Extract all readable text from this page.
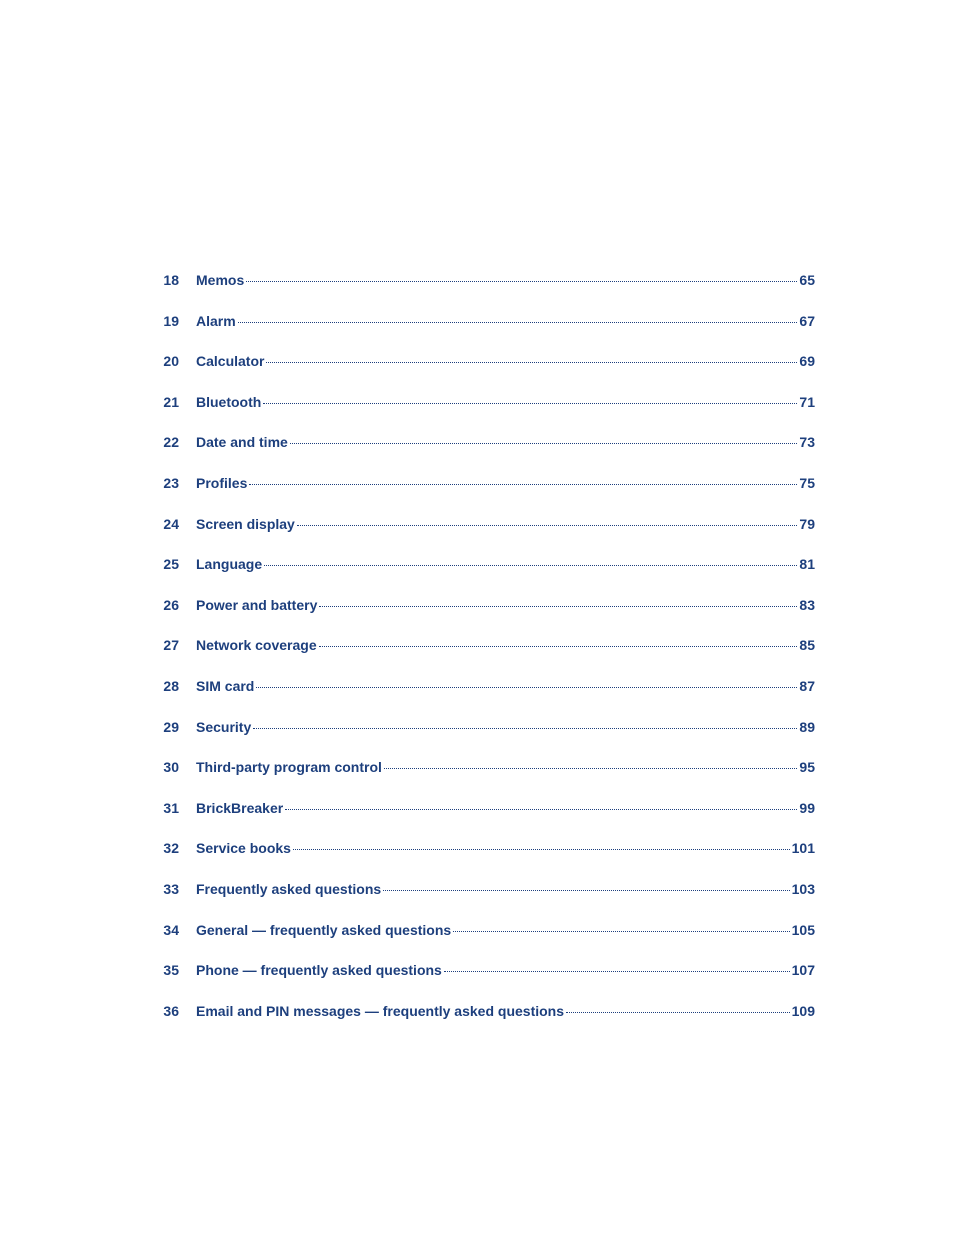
18 Memos	65
19 Alarm	67
20 Calculator	69
21 Bluetooth	71
22 Date and time	73
23 Profiles	75
24 Screen display	79
25 Language	81
26 Power and battery	83
27 Network coverage	85
28 SIM card	87
29 Security	89
30 Third-party program control	95
31 BrickBreaker	99
32 Service books	101
33 Frequently asked questions	103
34 General — frequently asked questions	105
35 Phone — frequently asked questions	107
36 Email and PIN messages — frequently asked questions	109
